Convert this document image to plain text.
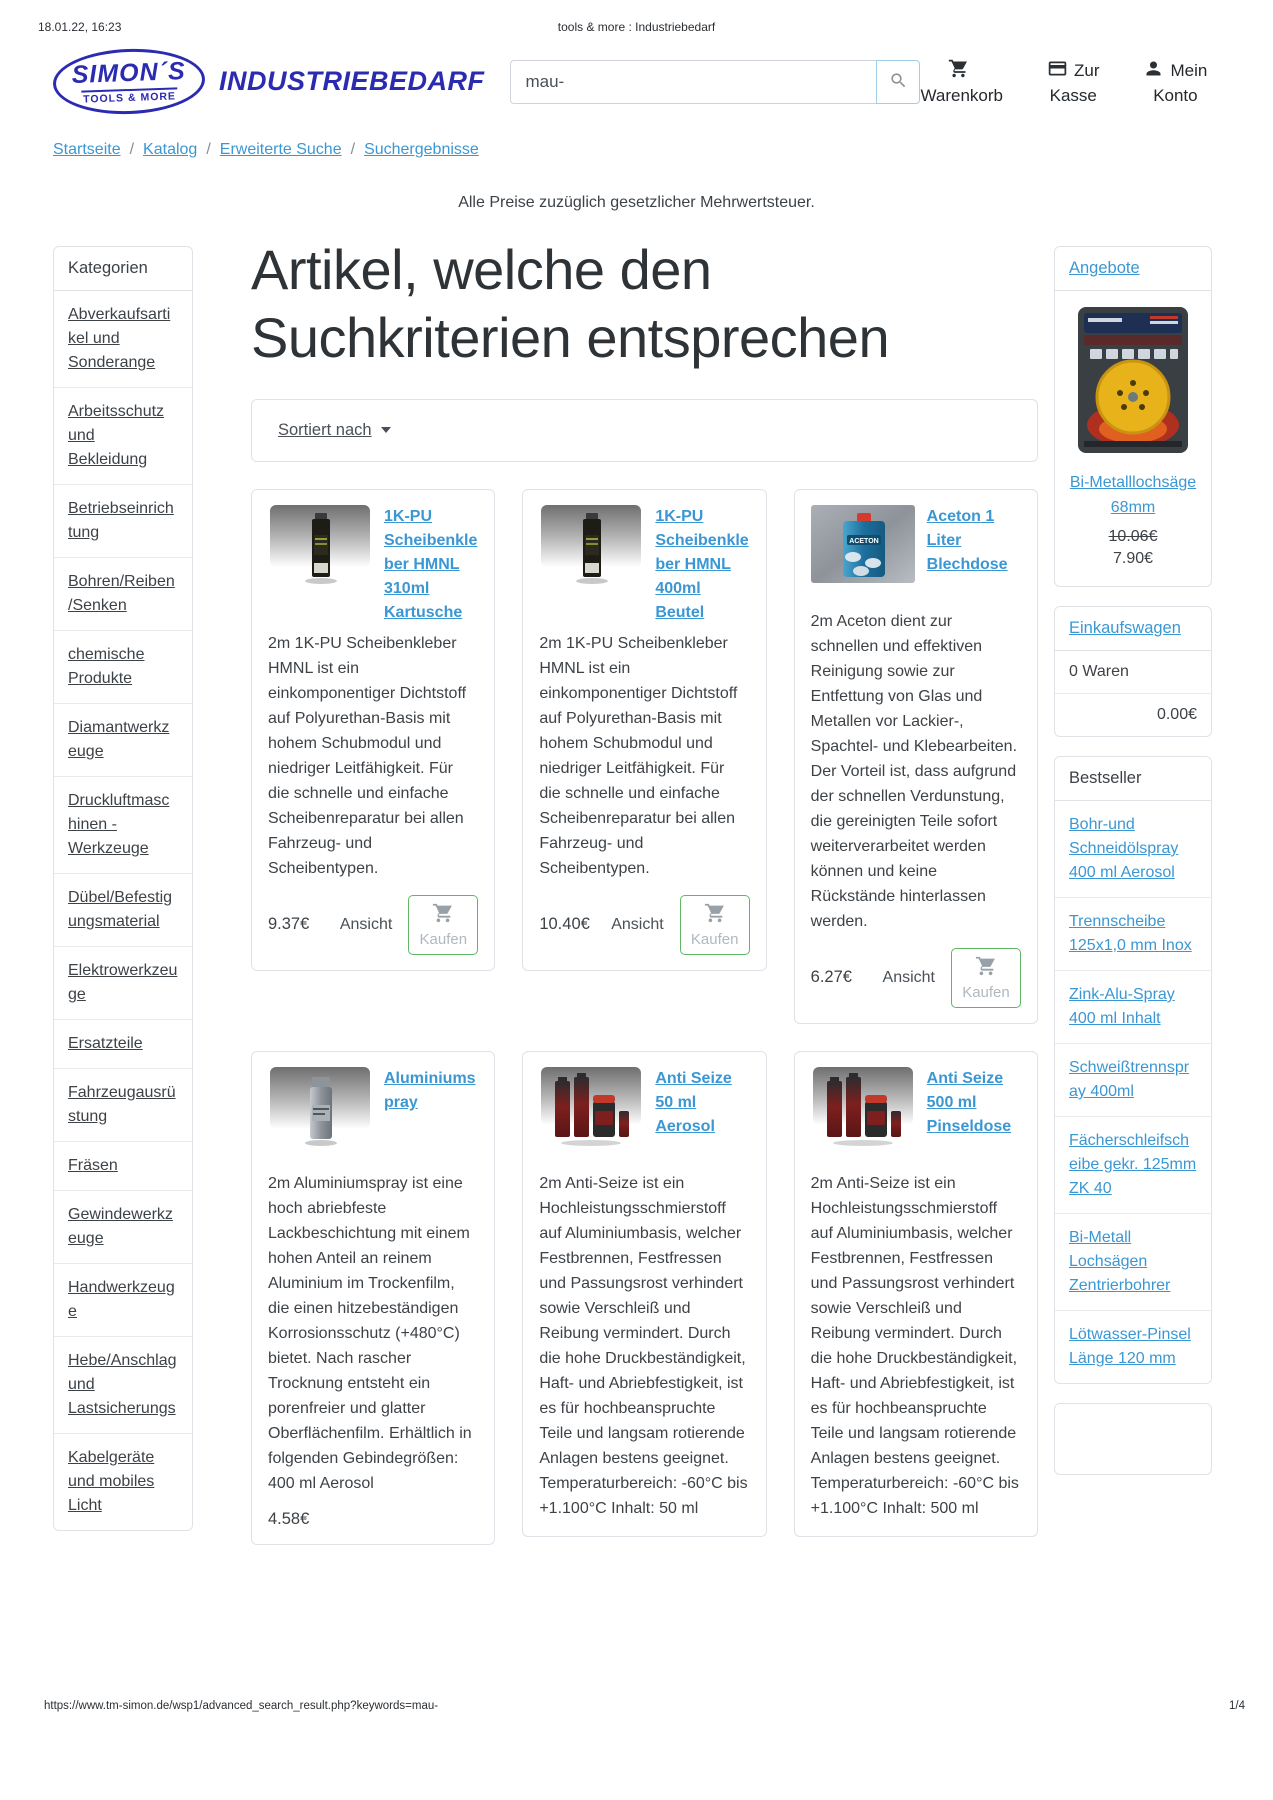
18.01.22, 16:23	tools & more : Industriebedarf
SIMON´S
TOOLS & MORE
INDUSTRIEBEDARF
mau-	Warenkorb
Zur
Kasse
Mein
Konto
Startseite / Katalog / Erweiterte Suche / Suchergebnisse
Alle Preise zuzüglich gesetzlicher Mehrwertsteuer.
Kategorien
Abverkaufsartikel und Sonderange
Arbeitsschutz und Bekleidung
Betriebseinrichtung
Bohren/Reiben/Senken
chemische Produkte
Diamantwerkzeuge
Druckluftmaschinen - Werkzeuge
Dübel/Befestigungsmaterial
Elektrowerkzeuge
Ersatzteile
Fahrzeugausrüstung
Fräsen
Gewindewerkzeuge
Handwerkzeuge
Hebe/Anschlag und Lastsicherungs
Kabelgeräte und mobiles Licht
Artikel, welche den Suchkriterien entsprechen
Sortiert nach
1K-PU Scheibenkleber HMNL 310ml Kartusche

2m 1K-PU Scheibenkleber HMNL ist ein einkomponentiger Dichtstoff auf Polyurethan-Basis mit hohem Schubmodul und niedriger Leitfähigkeit. Für die schnelle und einfache Scheibenreparatur bei allen Fahrzeug- und Scheibentypen.

9.37€	Ansicht
Kaufen
1K-PU Scheibenkleber HMNL 400ml Beutel

2m 1K-PU Scheibenkleber HMNL ist ein einkomponentiger Dichtstoff auf Polyurethan-Basis mit hohem Schubmodul und niedriger Leitfähigkeit. Für die schnelle und einfache Scheibenreparatur bei allen Fahrzeug- und Scheibentypen.

10.40€	Ansicht
Kaufen
ACETON
Aceton 1 Liter Blechdose

2m Aceton dient zur schnellen und effektiven Reinigung sowie zur Entfettung von Glas und Metallen vor Lackier-, Spachtel- und Klebearbeiten. Der Vorteil ist, dass aufgrund der schnellen Verdunstung, die gereinigten Teile sofort weiterverarbeitet werden können und keine Rückstände hinterlassen werden.

6.27€	Ansicht
Kaufen
Aluminiumspray

2m Aluminiumspray ist eine hoch abriebfeste Lackbeschichtung mit einem hohen Anteil an reinem Aluminium im Trockenfilm, die einen hitzebeständigen Korrosionsschutz (+480°C) bietet. Nach rascher Trocknung entsteht ein porenfreier und glatter Oberflächenfilm. Erhältlich in folgenden Gebindegrößen: 400 ml Aerosol

4.58€
Anti Seize 50 ml Aerosol

2m Anti-Seize ist ein Hochleistungsschmierstoff auf Aluminiumbasis, welcher Festbrennen, Festfressen und Passungsrost verhindert sowie Verschleiß und Reibung vermindert. Durch die hohe Druckbeständigkeit, Haft- und Abriebfestigkeit, ist es für hochbeanspruchte Teile und langsam rotierende Anlagen bestens geeignet. Temperaturbereich: -60°C bis +1.100°C Inhalt: 50 ml

Anti Seize 500 ml Pinseldose

2m Anti-Seize ist ein Hochleistungsschmierstoff auf Aluminiumbasis, welcher Festbrennen, Festfressen und Passungsrost verhindert sowie Verschleiß und Reibung vermindert. Durch die hohe Druckbeständigkeit, Haft- und Abriebfestigkeit, ist es für hochbeanspruchte Teile und langsam rotierende Anlagen bestens geeignet. Temperaturbereich: -60°C bis +1.100°C Inhalt: 500 ml

Angebote
Bi-Metalllochsäge 68mm
10.06€
7.90€
Einkaufswagen
0 Waren
0.00€
Bestseller
Bohr-und Schneidölspray 400 ml Aerosol
Trennscheibe 125x1,0 mm Inox
Zink-Alu-Spray 400 ml Inhalt
Schweißtrennspray 400ml
Fächerschleifscheibe gekr. 125mm ZK 40
Bi-Metall Lochsägen Zentrierbohrer
Lötwasser-Pinsel Länge 120 mm
https://www.tm-simon.de/wsp1/advanced_search_result.php?keywords=mau-	1/4
